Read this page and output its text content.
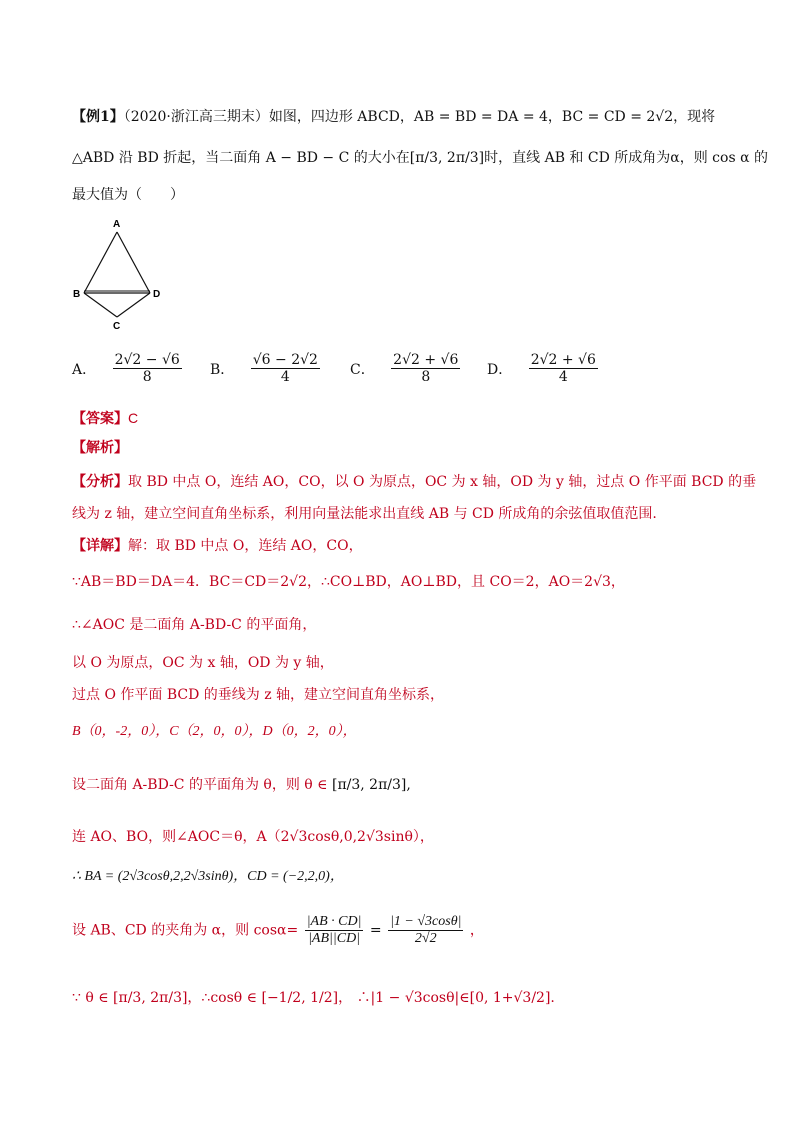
【例1】（2020·浙江高三期末）如图，四边形 ABCD，AB = BD = DA = 4，BC = CD = 2√2，现将
△ABD 沿 BD 折起，当二面角 A − BD − C 的大小在[π/3, 2π/3]时，直线 AB 和 CD 所成角为α，则 cos α 的
最大值为（　　）
A
B	D
C
A． $\frac{2√2 - √6}{8}$ B． $\frac{√6 - 2√2}{4}$ C． $\frac{2√2 + √6}{8}$ D． $\frac{2√2 + √6}{4}$
【答案】C
【解析】
【分析】取 BD 中点 O，连结 AO，CO，以 O 为原点，OC 为 x 轴，OD 为 y 轴，过点 O 作平面 BCD 的垂
线为 z 轴，建立空间直角坐标系，利用向量法能求出直线 AB 与 CD 所成角的余弦值取值范围.
【详解】解：取 BD 中点 O，连结 AO，CO，
∵AB＝BD＝DA＝4．BC＝CD＝2√2，∴CO⊥BD，AO⊥BD，且 CO＝2，AO＝2√3，
∴∠AOC 是二面角 A-BD-C 的平面角，
以 O 为原点，OC 为 x 轴，OD 为 y 轴，
过点 O 作平面 BCD 的垂线为 z 轴，建立空间直角坐标系，
B（0，-2，0），C（2，0，0），D（0，2，0），
设二面角 A-BD-C 的平面角为 θ，则 θ ∈ [π/3, 2π/3],
连 AO、BO，则∠AOC＝θ，A（2√3cosθ,0,2√3sinθ），
∴ BA = (2√3cosθ,2,2√3sinθ)，CD = (−2,2,0)，
设 AB、CD 的夹角为 α，则 $\cos\alpha= \frac{|AB \cdot CD|}{|AB||CD|} = \frac{|1 - √3\cos\theta|}{2√2}$ ，
∵ θ ∈ [π/3, 2π/3]，∴cosθ ∈ [−1/2, 1/2]， ∴|1 − √3cosθ|∈[0, 1+√3/2].
